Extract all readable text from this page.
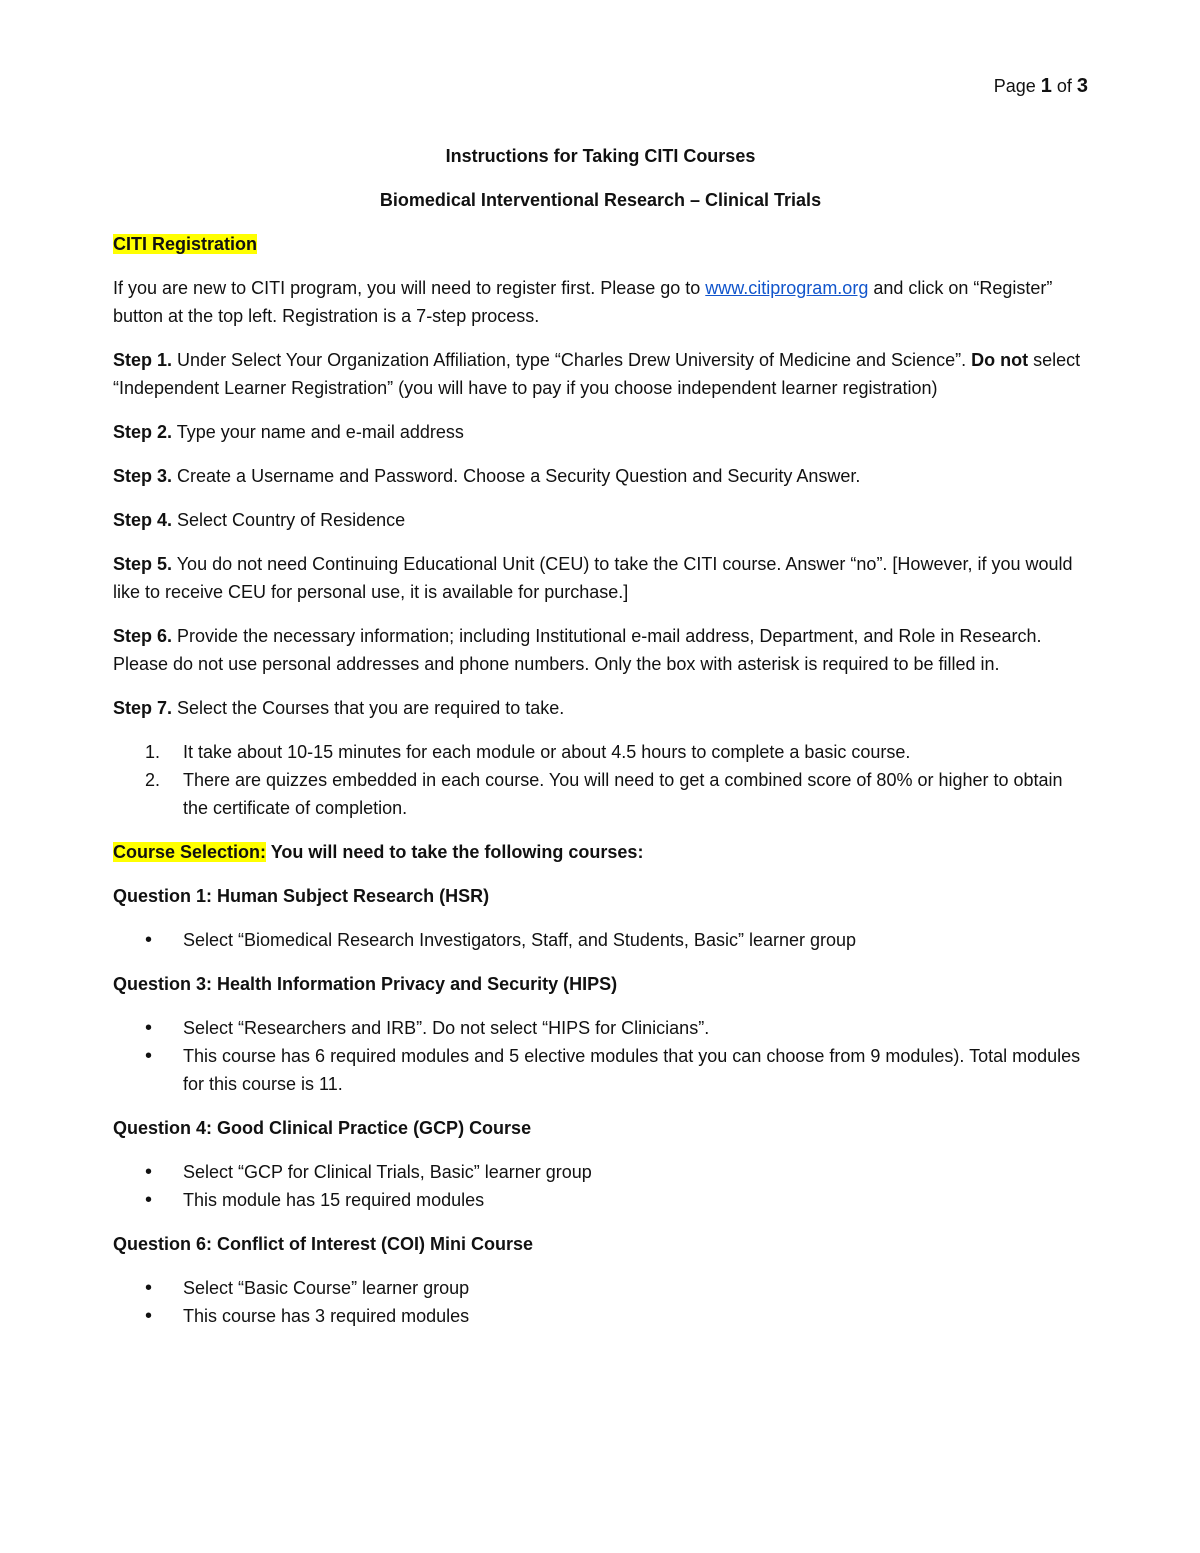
Page 1 of 3
Instructions for Taking CITI Courses
Biomedical Interventional Research – Clinical Trials

CITI Registration

If you are new to CITI program, you will need to register first. Please go to www.citiprogram.org and click on “Register” button at the top left. Registration is a 7-step process.

Step 1. Under Select Your Organization Affiliation, type “Charles Drew University of Medicine and Science”. Do not select “Independent Learner Registration” (you will have to pay if you choose independent learner registration)

Step 2. Type your name and e-mail address

Step 3. Create a Username and Password. Choose a Security Question and Security Answer.

Step 4. Select Country of Residence

Step 5. You do not need Continuing Educational Unit (CEU) to take the CITI course. Answer “no”. [However, if you would like to receive CEU for personal use, it is available for purchase.]

Step 6. Provide the necessary information; including Institutional e-mail address, Department, and Role in Research. Please do not use personal addresses and phone numbers. Only the box with asterisk is required to be filled in.

Step 7. Select the Courses that you are required to take.

It take about 10-15 minutes for each module or about 4.5 hours to complete a basic course.
There are quizzes embedded in each course. You will need to get a combined score of 80% or higher to obtain the certificate of completion.

Course Selection: You will need to take the following courses:

Question 1: Human Subject Research (HSR)
• Select “Biomedical Research Investigators, Staff, and Students, Basic” learner group
Question 3: Health Information Privacy and Security (HIPS)
• Select “Researchers and IRB”. Do not select “HIPS for Clinicians”.
• This course has 6 required modules and 5 elective modules that you can choose from 9 modules). Total modules for this course is 11.
Question 4: Good Clinical Practice (GCP) Course
• Select “GCP for Clinical Trials, Basic” learner group
• This module has 15 required modules
Question 6: Conflict of Interest (COI) Mini Course
• Select “Basic Course” learner group
• This course has 3 required modules
